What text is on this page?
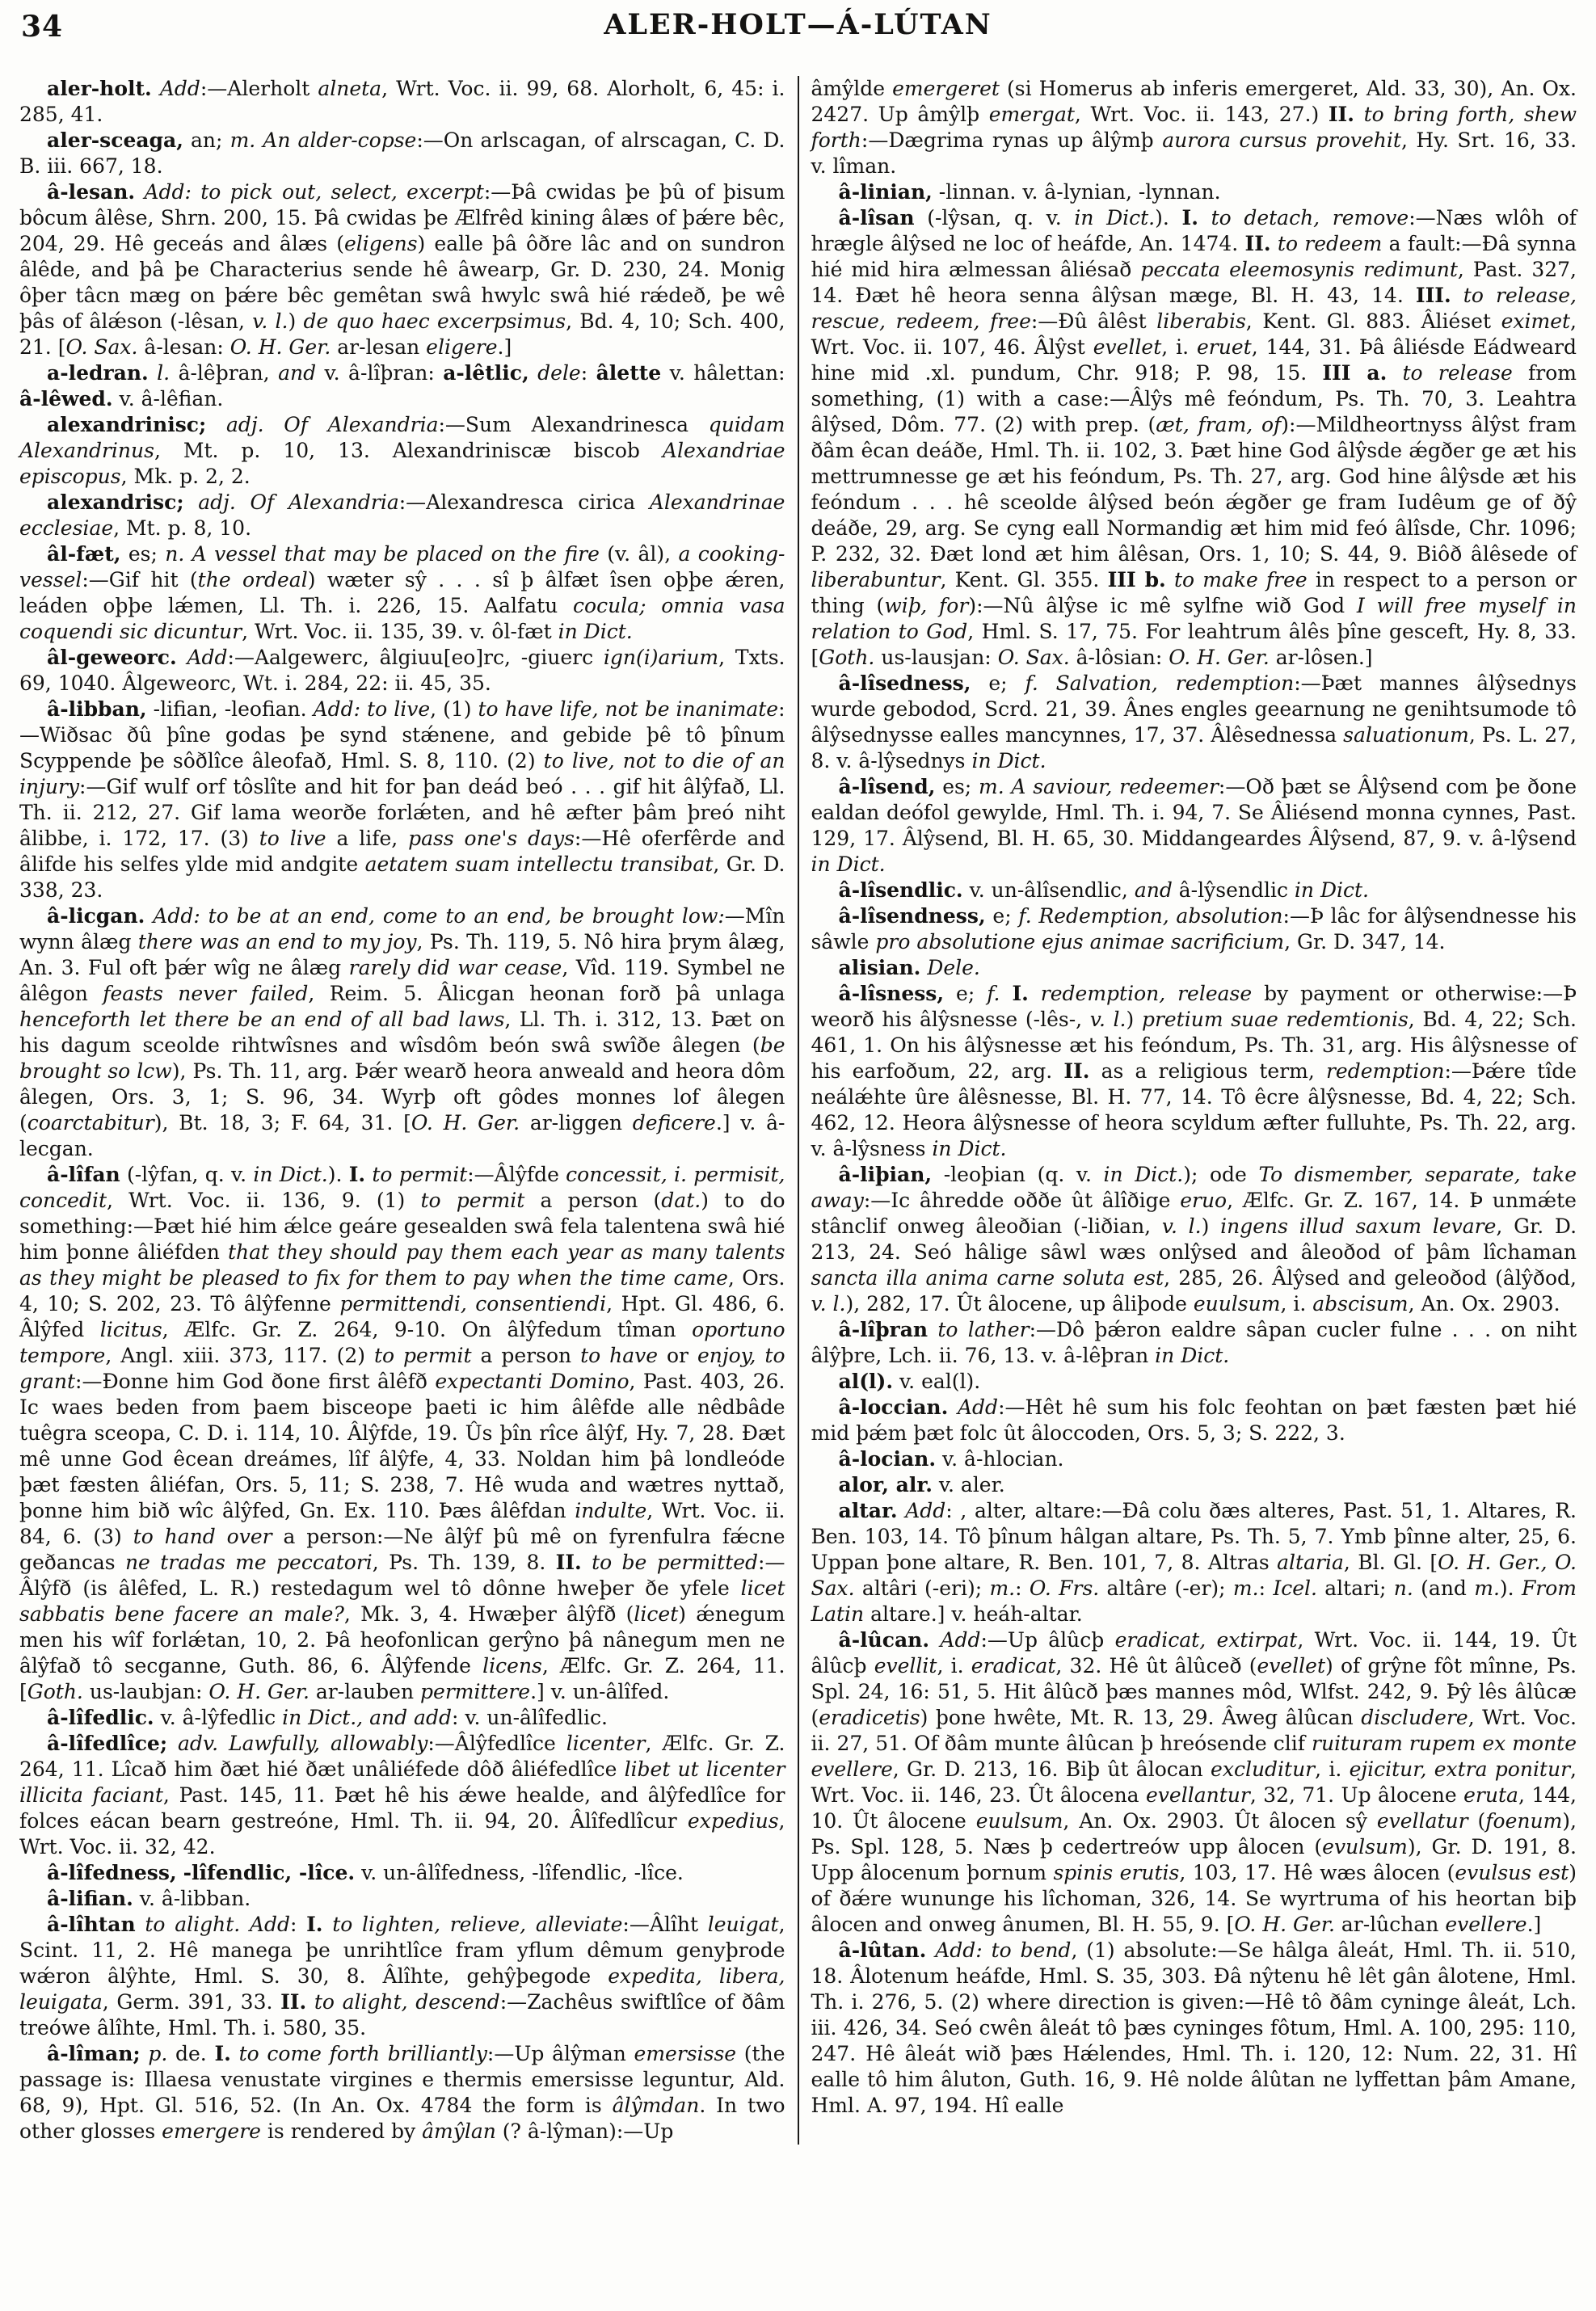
34	ALER-HOLT—Á-LÚTAN

aler-holt. Add:—Alerholt alneta, Wrt. Voc. ii. 99, 68. Alorholt, 6, 45: i. 285, 41.

aler-sceaga, an; m. An alder-copse:—On arlscagan, of alrscagan, C. D. B. iii. 667, 18.

â-lesan. Add: to pick out, select, excerpt:—Þâ cwidas þe þû of þisum bôcum âlêse, Shrn. 200, 15. Þâ cwidas þe Ælfrêd kining âlæs of þǽre bêc, 204, 29. Hê geceás and âlæs (eligens) ealle þâ ôðre lâc and on sundron âlêde, and þâ þe Characterius sende hê âwearp, Gr. D. 230, 24. Monig ôþer tâcn mæg on þǽre bêc gemêtan swâ hwylc swâ hié rǽdeð, þe wê þâs of âlǽson (-lêsan, v. l.) de quo haec excerpsimus, Bd. 4, 10; Sch. 400, 21. [O. Sax. â-lesan: O. H. Ger. ar-lesan eligere.]

a-ledran. l. â-lêþran, and v. â-lîþran: a-lêtlic, dele: âlette v. hâlettan: â-lêwed. v. â-lêfian.

alexandrinisc; adj. Of Alexandria:—Sum Alexandrinesca quidam Alexandrinus, Mt. p. 10, 13. Alexandriniscæ biscob Alexandriae episcopus, Mk. p. 2, 2.

alexandrisc; adj. Of Alexandria:—Alexandresca cirica Alexandrinae ecclesiae, Mt. p. 8, 10.

âl-fæt, es; n. A vessel that may be placed on the fire (v. âl), a cooking-vessel:—Gif hit (the ordeal) wæter sŷ . . . sî þ âlfæt îsen oþþe ǽren, leáden oþþe lǽmen, Ll. Th. i. 226, 15. Aalfatu cocula; omnia vasa coquendi sic dicuntur, Wrt. Voc. ii. 135, 39. v. ôl-fæt in Dict.

âl-geweorc. Add:—Aalgewerc, âlgiuu[eo]rc, -giuerc ign(i)arium, Txts. 69, 1040. Âlgeweorc, Wt. i. 284, 22: ii. 45, 35.

â-libban, -lifian, -leofian. Add: to live, (1) to have life, not be inanimate:—Wiðsac ðû þîne godas þe synd stǽnene, and gebide þê tô þînum Scyppende þe sôðlîce âleofað, Hml. S. 8, 110. (2) to live, not to die of an injury:—Gif wulf orf tôslîte and hit for þan deád beó . . . gif hit âlŷfað, Ll. Th. ii. 212, 27. Gif lama weorðe forlǽten, and hê æfter þâm þreó niht âlibbe, i. 172, 17. (3) to live a life, pass one's days:—Hê oferfêrde and âlifde his selfes ylde mid andgite aetatem suam intellectu transibat, Gr. D. 338, 23.

â-licgan. Add: to be at an end, come to an end, be brought low:—Mîn wynn âlæg there was an end to my joy, Ps. Th. 119, 5. Nô hira þrym âlæg, An. 3. Ful oft þǽr wîg ne âlæg rarely did war cease, Vîd. 119. Symbel ne âlêgon feasts never failed, Reim. 5. Âlicgan heonan forð þâ unlaga henceforth let there be an end of all bad laws, Ll. Th. i. 312, 13. Þæt on his dagum sceolde rihtwîsnes and wîsdôm beón swâ swîðe âlegen (be brought so lcw), Ps. Th. 11, arg. Þǽr wearð heora anweald and heora dôm âlegen, Ors. 3, 1; S. 96, 34. Wyrþ oft gôdes monnes lof âlegen (coarctabitur), Bt. 18, 3; F. 64, 31. [O. H. Ger. ar-liggen deficere.] v. â-lecgan.

â-lîfan (-lŷfan, q. v. in Dict.). I. to permit:—Âlŷfde concessit, i. permisit, concedit, Wrt. Voc. ii. 136, 9. (1) to permit a person (dat.) to do something:—Þæt hié him ǽlce geáre gesealden swâ fela talentena swâ hié him þonne âliéfden that they should pay them each year as many talents as they might be pleased to fix for them to pay when the time came, Ors. 4, 10; S. 202, 23. Tô âlŷfenne permittendi, consentiendi, Hpt. Gl. 486, 6. Âlŷfed licitus, Ælfc. Gr. Z. 264, 9-10. On âlŷfedum tîman oportuno tempore, Angl. xiii. 373, 117. (2) to permit a person to have or enjoy, to grant:—Ðonne him God ðone first âlêfð expectanti Domino, Past. 403, 26. Ic waes beden from þaem bisceope þaeti ic him âlêfde alle nêdbâde tuêgra sceopa, C. D. i. 114, 10. Âlŷfde, 19. Ûs þîn rîce âlŷf, Hy. 7, 28. Ðæt mê unne God êcean dreámes, lîf âlŷfe, 4, 33. Noldan him þâ londleóde þæt fæsten âliéfan, Ors. 5, 11; S. 238, 7. Hê wuda and wætres nyttað, þonne him bið wîc âlŷfed, Gn. Ex. 110. Þæs âlêfdan indulte, Wrt. Voc. ii. 84, 6. (3) to hand over a person:—Ne âlŷf þû mê on fyrenfulra fǽcne geðancas ne tradas me peccatori, Ps. Th. 139, 8. II. to be permitted:—Âlŷfð (is âlêfed, L. R.) restedagum wel tô dônne hweþer ðe yfele licet sabbatis bene facere an male?, Mk. 3, 4. Hwæþer âlŷfð (licet) ǽnegum men his wîf forlǽtan, 10, 2. Þâ heofonlican gerŷno þâ nânegum men ne âlŷfað tô secganne, Guth. 86, 6. Âlŷfende licens, Ælfc. Gr. Z. 264, 11. [Goth. us-laubjan: O. H. Ger. ar-lauben permittere.] v. un-âlîfed.

â-lîfedlic. v. â-lŷfedlic in Dict., and add: v. un-âlîfedlic.

â-lîfedlîce; adv. Lawfully, allowably:—Âlŷfedlîce licenter, Ælfc. Gr. Z. 264, 11. Lîcað him ðæt hié ðæt unâliéfede dôð âliéfedlîce libet ut licenter illicita faciant, Past. 145, 11. Þæt hê his ǽwe healde, and âlŷfedlîce for folces eácan bearn gestreóne, Hml. Th. ii. 94, 20. Âlîfedlîcur expedius, Wrt. Voc. ii. 32, 42.

â-lîfedness, -lîfendlic, -lîce. v. un-âlîfedness, -lîfendlic, -lîce.

â-lifian. v. â-libban.

â-lîhtan to alight. Add: I. to lighten, relieve, alleviate:—Âlîht leuigat, Scint. 11, 2. Hê manega þe unrihtlîce fram yflum dêmum genyþrode wǽron âlŷhte, Hml. S. 30, 8. Âlîhte, gehŷþegode expedita, libera, leuigata, Germ. 391, 33. II. to alight, descend:—Zachêus swiftlîce of ðâm treówe âlîhte, Hml. Th. i. 580, 35.

â-lîman; p. de. I. to come forth brilliantly:—Up âlŷman emersisse (the passage is: Illaesa venustate virgines e thermis emersisse leguntur, Ald. 68, 9), Hpt. Gl. 516, 52. (In An. Ox. 4784 the form is âlŷmdan. In two other glosses emergere is rendered by âmŷlan (? â-lŷman):—Up

âmŷlde emergeret (si Homerus ab inferis emergeret, Ald. 33, 30), An. Ox. 2427. Up âmŷlþ emergat, Wrt. Voc. ii. 143, 27.) II. to bring forth, shew forth:—Dægrima rynas up âlŷmþ aurora cursus provehit, Hy. Srt. 16, 33. v. lîman.

â-linian, -linnan. v. â-lynian, -lynnan.

â-lîsan (-lŷsan, q. v. in Dict.). I. to detach, remove:—Næs wlôh of hrægle âlŷsed ne loc of heáfde, An. 1474. II. to redeem a fault:—Ðâ synna hié mid hira ælmessan âliésað peccata eleemosynis redimunt, Past. 327, 14. Ðæt hê heora senna âlŷsan mæge, Bl. H. 43, 14. III. to release, rescue, redeem, free:—Ðû âlêst liberabis, Kent. Gl. 883. Âliéset eximet, Wrt. Voc. ii. 107, 46. Âlŷst evellet, i. eruet, 144, 31. Þâ âliésde Eádweard hine mid .xl. pundum, Chr. 918; P. 98, 15. III a. to release from something, (1) with a case:—Âlŷs mê feóndum, Ps. Th. 70, 3. Leahtra âlŷsed, Dôm. 77. (2) with prep. (æt, fram, of):—Mildheortnyss âlŷst fram ðâm êcan deáðe, Hml. Th. ii. 102, 3. Þæt hine God âlŷsde ǽgðer ge æt his mettrumnesse ge æt his feóndum, Ps. Th. 27, arg. God hine âlŷsde æt his feóndum . . . hê sceolde âlŷsed beón ǽgðer ge fram Iudêum ge of ðŷ deáðe, 29, arg. Se cyng eall Normandig æt him mid feó âlîsde, Chr. 1096; P. 232, 32. Ðæt lond æt him âlêsan, Ors. 1, 10; S. 44, 9. Biôð âlêsede of liberabuntur, Kent. Gl. 355. III b. to make free in respect to a person or thing (wiþ, for):—Nû âlŷse ic mê sylfne wið God I will free myself in relation to God, Hml. S. 17, 75. For leahtrum âlês þîne gesceft, Hy. 8, 33. [Goth. us-lausjan: O. Sax. â-lôsian: O. H. Ger. ar-lôsen.]

â-lîsedness, e; f. Salvation, redemption:—Þæt mannes âlŷsednys wurde gebodod, Scrd. 21, 39. Ânes engles geearnung ne genihtsumode tô âlŷsednysse ealles mancynnes, 17, 37. Âlêsednessa saluationum, Ps. L. 27, 8. v. â-lŷsednys in Dict.

â-lîsend, es; m. A saviour, redeemer:—Oð þæt se Âlŷsend com þe ðone ealdan deófol gewylde, Hml. Th. i. 94, 7. Se Âliésend monna cynnes, Past. 129, 17. Âlŷsend, Bl. H. 65, 30. Middangeardes Âlŷsend, 87, 9. v. â-lŷsend in Dict.

â-lîsendlic. v. un-âlîsendlic, and â-lŷsendlic in Dict.

â-lîsendness, e; f. Redemption, absolution:—Þ lâc for âlŷsendnesse his sâwle pro absolutione ejus animae sacrificium, Gr. D. 347, 14.

alisian. Dele.

â-lîsness, e; f. I. redemption, release by payment or otherwise:—Þ weorð his âlŷsnesse (-lês-, v. l.) pretium suae redemtionis, Bd. 4, 22; Sch. 461, 1. On his âlŷsnesse æt his feóndum, Ps. Th. 31, arg. His âlŷsnesse of his earfoðum, 22, arg. II. as a religious term, redemption:—Þǽre tîde neálǽhte ûre âlêsnesse, Bl. H. 77, 14. Tô êcre âlŷsnesse, Bd. 4, 22; Sch. 462, 12. Heora âlŷsnesse of heora scyldum æfter fulluhte, Ps. Th. 22, arg. v. â-lŷsness in Dict.

â-liþian, -leoþian (q. v. in Dict.); ode To dismember, separate, take away:—Ic âhredde oððe ût âlîðige eruo, Ælfc. Gr. Z. 167, 14. Þ unmǽte stânclif onweg âleoðian (-liðian, v. l.) ingens illud saxum levare, Gr. D. 213, 24. Seó hâlige sâwl wæs onlŷsed and âleoðod of þâm lîchaman sancta illa anima carne soluta est, 285, 26. Âlŷsed and geleoðod (âlŷðod, v. l.), 282, 17. Ût âlocene, up âliþode euulsum, i. abscisum, An. Ox. 2903.

â-lîþran to lather:—Dô þǽron ealdre sâpan cucler fulne . . . on niht âlŷþre, Lch. ii. 76, 13. v. â-lêþran in Dict.

al(l). v. eal(l).

â-loccian. Add:—Hêt hê sum his folc feohtan on þæt fæsten þæt hié mid þǽm þæt folc ût âloccoden, Ors. 5, 3; S. 222, 3.

â-locian. v. â-hlocian.

alor, alr. v. aler.

altar. Add: , alter, altare:—Ðâ colu ðæs alteres, Past. 51, 1. Altares, R. Ben. 103, 14. Tô þînum hâlgan altare, Ps. Th. 5, 7. Ymb þînne alter, 25, 6. Uppan þone altare, R. Ben. 101, 7, 8. Altras altaria, Bl. Gl. [O. H. Ger., O. Sax. altâri (-eri); m.: O. Frs. altâre (-er); m.: Icel. altari; n. (and m.). From Latin altare.] v. heáh-altar.

â-lûcan. Add:—Up âlûcþ eradicat, extirpat, Wrt. Voc. ii. 144, 19. Ût âlûcþ evellit, i. eradicat, 32. Hê ût âlûceð (evellet) of grŷne fôt mînne, Ps. Spl. 24, 16: 51, 5. Hit âlûcð þæs mannes môd, Wlfst. 242, 9. Þŷ lês âlûcæ (eradicetis) þone hwête, Mt. R. 13, 29. Âweg âlûcan discludere, Wrt. Voc. ii. 27, 51. Of ðâm munte âlûcan þ hreósende clif ruituram rupem ex monte evellere, Gr. D. 213, 16. Biþ ût âlocan excluditur, i. ejicitur, extra ponitur, Wrt. Voc. ii. 146, 23. Ût âlocena evellantur, 32, 71. Up âlocene eruta, 144, 10. Ût âlocene euulsum, An. Ox. 2903. Ût âlocen sŷ evellatur (foenum), Ps. Spl. 128, 5. Næs þ cedertreów upp âlocen (evulsum), Gr. D. 191, 8. Upp âlocenum þornum spinis erutis, 103, 17. Hê wæs âlocen (evulsus est) of ðǽre wununge his lîchoman, 326, 14. Se wyrtruma of his heortan biþ âlocen and onweg ânumen, Bl. H. 55, 9. [O. H. Ger. ar-lûchan evellere.]

â-lûtan. Add: to bend, (1) absolute:—Se hâlga âleát, Hml. Th. ii. 510, 18. Âlotenum heáfde, Hml. S. 35, 303. Ðâ nŷtenu hê lêt gân âlotene, Hml. Th. i. 276, 5. (2) where direction is given:—Hê tô ðâm cyninge âleát, Lch. iii. 426, 34. Seó cwên âleát tô þæs cyninges fôtum, Hml. A. 100, 295: 110, 247. Hê âleát wið þæs Hǽlendes, Hml. Th. i. 120, 12: Num. 22, 31. Hî ealle tô him âluton, Guth. 16, 9. Hê nolde âlûtan ne lyffettan þâm Amane, Hml. A. 97, 194. Hî ealle
